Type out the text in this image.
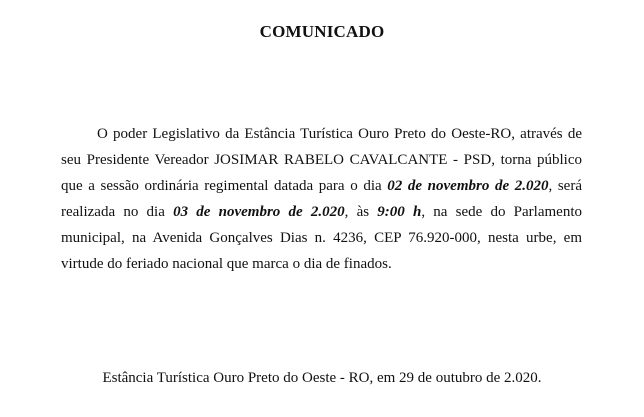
COMUNICADO

O poder Legislativo da Estância Turística Ouro Preto do Oeste-RO, através de seu Presidente Vereador JOSIMAR RABELO CAVALCANTE - PSD, torna público que a sessão ordinária regimental datada para o dia 02 de novembro de 2.020, será realizada no dia 03 de novembro de 2.020, às 9:00 h, na sede do Parlamento municipal, na Avenida Gonçalves Dias n. 4236, CEP 76.920-000, nesta urbe, em virtude do feriado nacional que marca o dia de finados.

Estância Turística Ouro Preto do Oeste - RO, em 29 de outubro de 2.020.
